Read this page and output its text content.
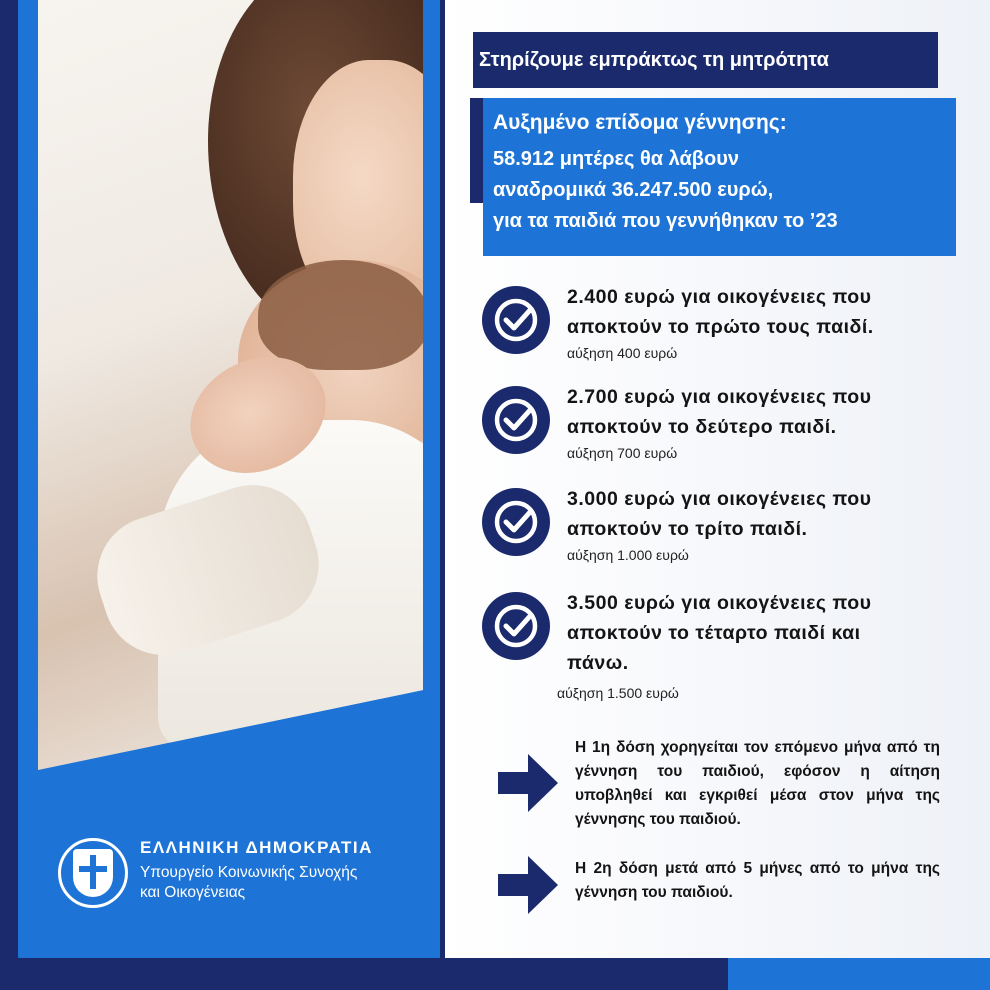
ΕΛΛΗΝΙΚΗ ΔΗΜΟΚΡΑΤΙΑ
Υπουργείο Κοινωνικής Συνοχής
και Οικογένειας
Στηρίζουμε εμπράκτως τη μητρότητα
Αυξημένο επίδομα γέννησης:
58.912 μητέρες θα λάβουν
αναδρομικά 36.247.500 ευρώ,
για τα παιδιά που γεννήθηκαν το ’23
2.400 ευρώ για οικογένειες που
αποκτούν το πρώτο τους παιδί.
αύξηση 400 ευρώ
2.700 ευρώ για οικογένειες που
αποκτούν το δεύτερο παιδί.
αύξηση 700 ευρώ
3.000 ευρώ για οικογένειες που
αποκτούν το τρίτο παιδί.
αύξηση 1.000 ευρώ
3.500 ευρώ για οικογένειες που
αποκτούν το τέταρτο παιδί και
πάνω.
αύξηση 1.500 ευρώ
Η 1η δόση χορηγείται τον επόμενο μήνα από τη γέννηση του παιδιού, εφόσον η αίτηση υποβληθεί και εγκριθεί μέσα στον μήνα της γέννησης του παιδιού.
Η 2η δόση μετά από 5 μήνες από το μήνα της γέννηση του παιδιού.
